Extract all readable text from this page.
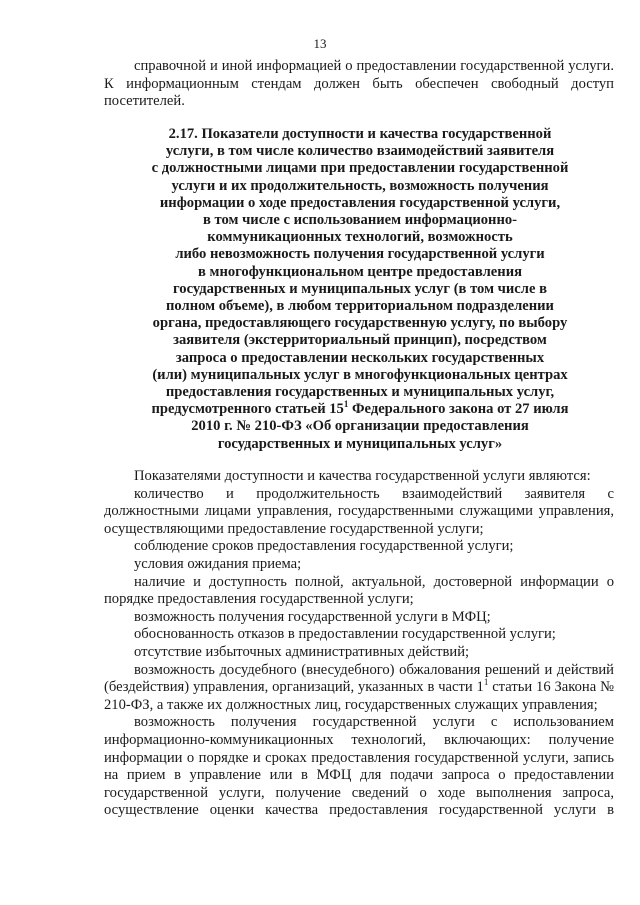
13
справочной и иной информацией о предоставлении государственной услуги. К информационным стендам должен быть обеспечен свободный доступ посетителей.
2.17. Показатели доступности и качества государственной
услуги, в том числе количество взаимодействий заявителя
с должностными лицами при предоставлении государственной
услуги и их продолжительность, возможность получения
информации о ходе предоставления государственной услуги,
в том числе с использованием информационно-
коммуникационных технологий, возможность
либо невозможность получения государственной услуги
в многофункциональном центре предоставления
государственных и муниципальных услуг (в том числе в
полном объеме), в любом территориальном подразделении
органа, предоставляющего государственную услугу, по выбору
заявителя (экстерриториальный принцип), посредством
запроса о предоставлении нескольких государственных
(или) муниципальных услуг в многофункциональных центрах
предоставления государственных и муниципальных услуг,
предусмотренного статьей $15^1$ Федерального закона от 27 июля
2010 г. № 210-ФЗ «Об организации предоставления
государственных и муниципальных услуг»

Показателями доступности и качества государственной услуги являются:

количество и продолжительность взаимодействий заявителя с должностными лицами управления, государственными служащими управления, осуществляющими предоставление государственной услуги;

соблюдение сроков предоставления государственной услуги;

условия ожидания приема;

наличие и доступность полной, актуальной, достоверной информации о порядке предоставления государственной услуги;

возможность получения государственной услуги в МФЦ;

обоснованность отказов в предоставлении государственной услуги;

отсутствие избыточных административных действий;

возможность досудебного (внесудебного) обжалования решений и действий (бездействия) управления, организаций, указанных в части $1^1$ статьи 16 Закона № 210-ФЗ, а также их должностных лиц, государственных служащих управления;

возможность получения государственной услуги с использованием информационно-коммуникационных технологий, включающих: получение информации о порядке и сроках предоставления государственной услуги, запись на прием в управление или в МФЦ для подачи запроса о предоставлении государственной услуги, получение сведений о ходе выполнения запроса, осуществление оценки качества предоставления государственной услуги в
